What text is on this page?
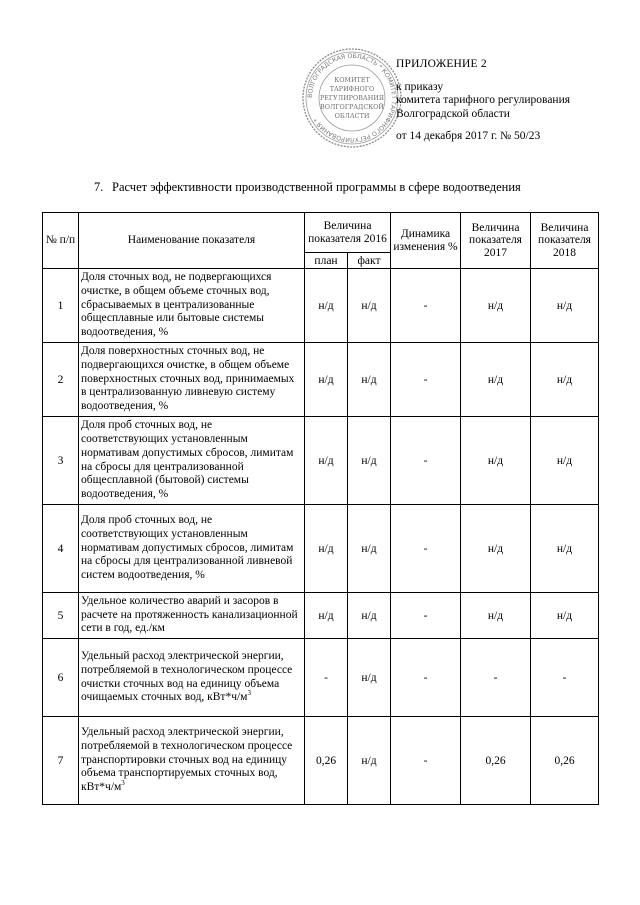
ВОЛГОГРАДСКАЯ ОБЛАСТЬ * КОМИТЕТ ТАРИФНОГО РЕГУЛИРОВАНИЯ *
КОМИТЕТ
ТАРИФНОГО
РЕГУЛИРОВАНИЯ
ВОЛГОГРАДСКОЙ
ОБЛАСТИ
ПРИЛОЖЕНИЕ 2
к приказу
комитета тарифного регулирования
Волгоградской области
от 14 декабря 2017 г. № 50/23
7. Расчет эффективности производственной программы в сфере водоотведения
№ п/п	Наименование показателя	Величина показателя 2016		Динамика изменения %	Величина показателя 2017	Величина показателя 2018
		план	факт			
1	Доля сточных вод, не подвергающихся очистке, в общем объеме сточных вод, сбрасываемых в централизованные общесплавные или бытовые системы водоотведения, %	н/д	н/д	-	н/д	н/д
2	Доля поверхностных сточных вод, не подвергающихся очистке, в общем объеме поверхностных сточных вод, принимаемых в централизованную ливневую систему водоотведения, %	н/д	н/д	-	н/д	н/д
3	Доля проб сточных вод, не соответствующих установленным нормативам допустимых сбросов, лимитам на сбросы для централизованной общесплавной (бытовой) системы водоотведения, %	н/д	н/д	-	н/д	н/д
4	Доля проб сточных вод, не соответствующих установленным нормативам допустимых сбросов, лимитам на сбросы для централизованной ливневой систем водоотведения, %	н/д	н/д	-	н/д	н/д
5	Удельное количество аварий и засоров в расчете на протяженность канализационной сети в год, ед./км	н/д	н/д	-	н/д	н/д
6	Удельный расход электрической энергии, потребляемой в технологическом процессе очистки сточных вод на единицу объема очищаемых сточных вод, $кВт*ч/м^3$	-	н/д	-	-	-
7	Удельный расход электрической энергии, потребляемой в технологическом процессе транспортировки сточных вод на единицу объема транспортируемых сточных вод, $кВт*ч/м^3$	0,26	н/д	-	0,26	0,26
